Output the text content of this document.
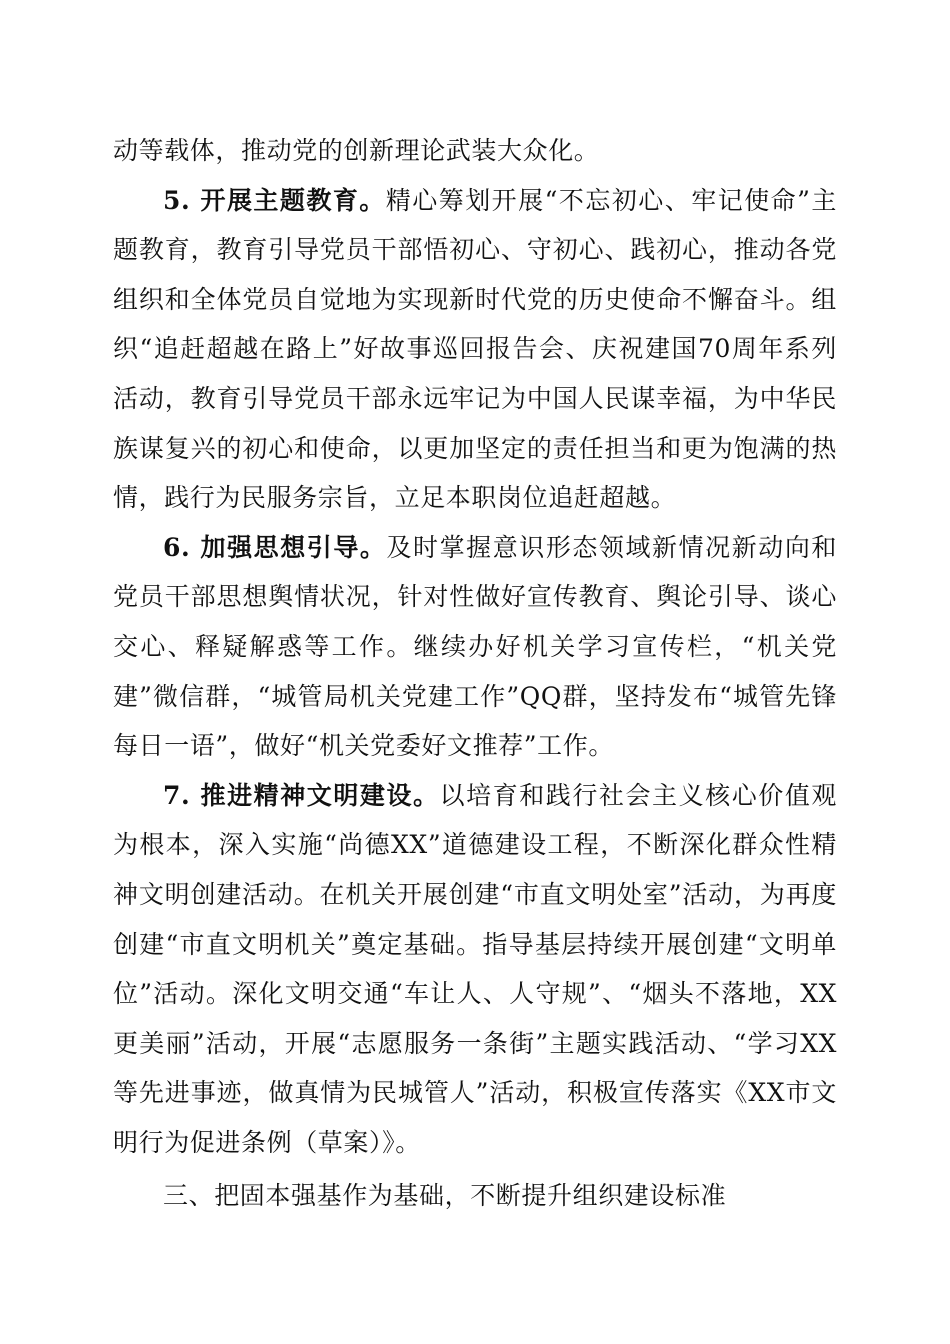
动等载体，推动党的创新理论武装大众化。

5. 开展主题教育。精心筹划开展“不忘初心、牢记使命”主题教育，教育引导党员干部悟初心、守初心、践初心，推动各党组织和全体党员自觉地为实现新时代党的历史使命不懈奋斗。组织“追赶超越在路上”好故事巡回报告会、庆祝建国70周年系列活动，教育引导党员干部永远牢记为中国人民谋幸福，为中华民族谋复兴的初心和使命，以更加坚定的责任担当和更为饱满的热情，践行为民服务宗旨，立足本职岗位追赶超越。

6. 加强思想引导。及时掌握意识形态领域新情况新动向和党员干部思想舆情状况，针对性做好宣传教育、舆论引导、谈心交心、释疑解惑等工作。继续办好机关学习宣传栏，“机关党建”微信群，“城管局机关党建工作”QQ群，坚持发布“城管先锋每日一语”，做好“机关党委好文推荐”工作。

7. 推进精神文明建设。以培育和践行社会主义核心价值观为根本，深入实施“尚德XX”道德建设工程，不断深化群众性精神文明创建活动。在机关开展创建“市直文明处室”活动，为再度创建“市直文明机关”奠定基础。指导基层持续开展创建“文明单位”活动。深化文明交通“车让人、人守规”、“烟头不落地，XX更美丽”活动，开展“志愿服务一条街”主题实践活动、“学习XX等先进事迹，做真情为民城管人”活动，积极宣传落实《XX市文明行为促进条例（草案）》。

三、把固本强基作为基础，不断提升组织建设标准
